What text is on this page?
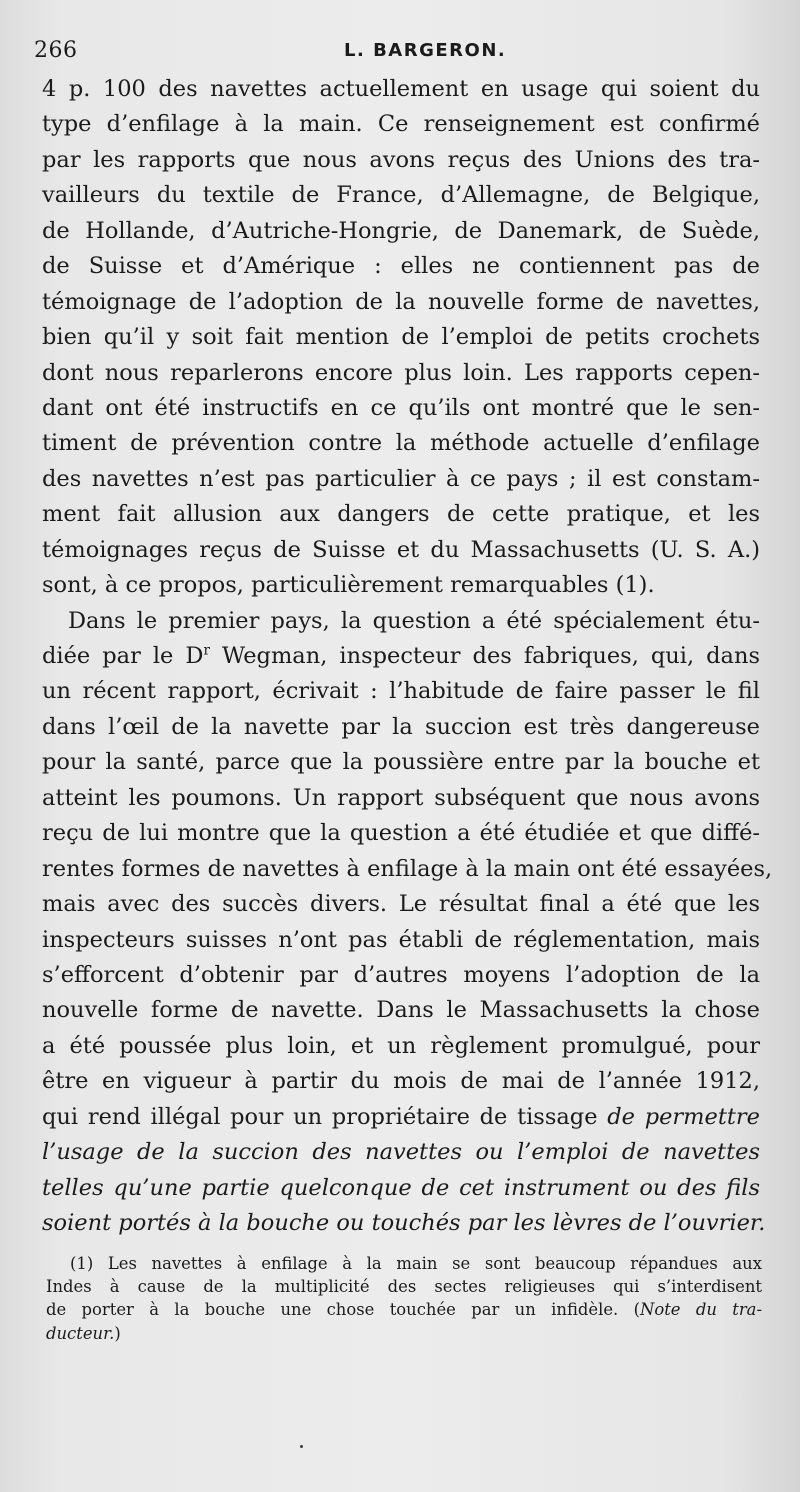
266	L. BARGERON.
4 p. 100 des navettes actuellement en usage qui soient du
type d’enfilage à la main. Ce renseignement est confirmé
par les rapports que nous avons reçus des Unions des tra-
vailleurs du textile de France, d’Allemagne, de Belgique,
de Hollande, d’Autriche-Hongrie, de Danemark, de Suède,
de Suisse et d’Amérique : elles ne contiennent pas de
témoignage de l’adoption de la nouvelle forme de navettes,
bien qu’il y soit fait mention de l’emploi de petits crochets
dont nous reparlerons encore plus loin. Les rapports cepen-
dant ont été instructifs en ce qu’ils ont montré que le sen-
timent de prévention contre la méthode actuelle d’enfilage
des navettes n’est pas particulier à ce pays ; il est constam-
ment fait allusion aux dangers de cette pratique, et les
témoignages reçus de Suisse et du Massachusetts (U. S. A.)
sont, à ce propos, particulièrement remarquables (1).
Dans le premier pays, la question a été spécialement étu-
diée par le $D^r$ Wegman, inspecteur des fabriques, qui, dans
un récent rapport, écrivait : l’habitude de faire passer le fil
dans l’œil de la navette par la succion est très dangereuse
pour la santé, parce que la poussière entre par la bouche et
atteint les poumons. Un rapport subséquent que nous avons
reçu de lui montre que la question a été étudiée et que diffé-
rentes formes de navettes à enfilage à la main ont été essayées,
mais avec des succès divers. Le résultat final a été que les
inspecteurs suisses n’ont pas établi de réglementation, mais
s’efforcent d’obtenir par d’autres moyens l’adoption de la
nouvelle forme de navette. Dans le Massachusetts la chose
a été poussée plus loin, et un règlement promulgué, pour
être en vigueur à partir du mois de mai de l’année 1912,
qui rend illégal pour un propriétaire de tissage de permettre
l’usage de la succion des navettes ou l’emploi de navettes
telles qu’une partie quelconque de cet instrument ou des fils
soient portés à la bouche ou touchés par les lèvres de l’ouvrier.
(1) Les navettes à enfilage à la main se sont beaucoup répandues aux
Indes à cause de la multiplicité des sectes religieuses qui s’interdisent
de porter à la bouche une chose touchée par un infidèle. (Note du tra-
ducteur.)
